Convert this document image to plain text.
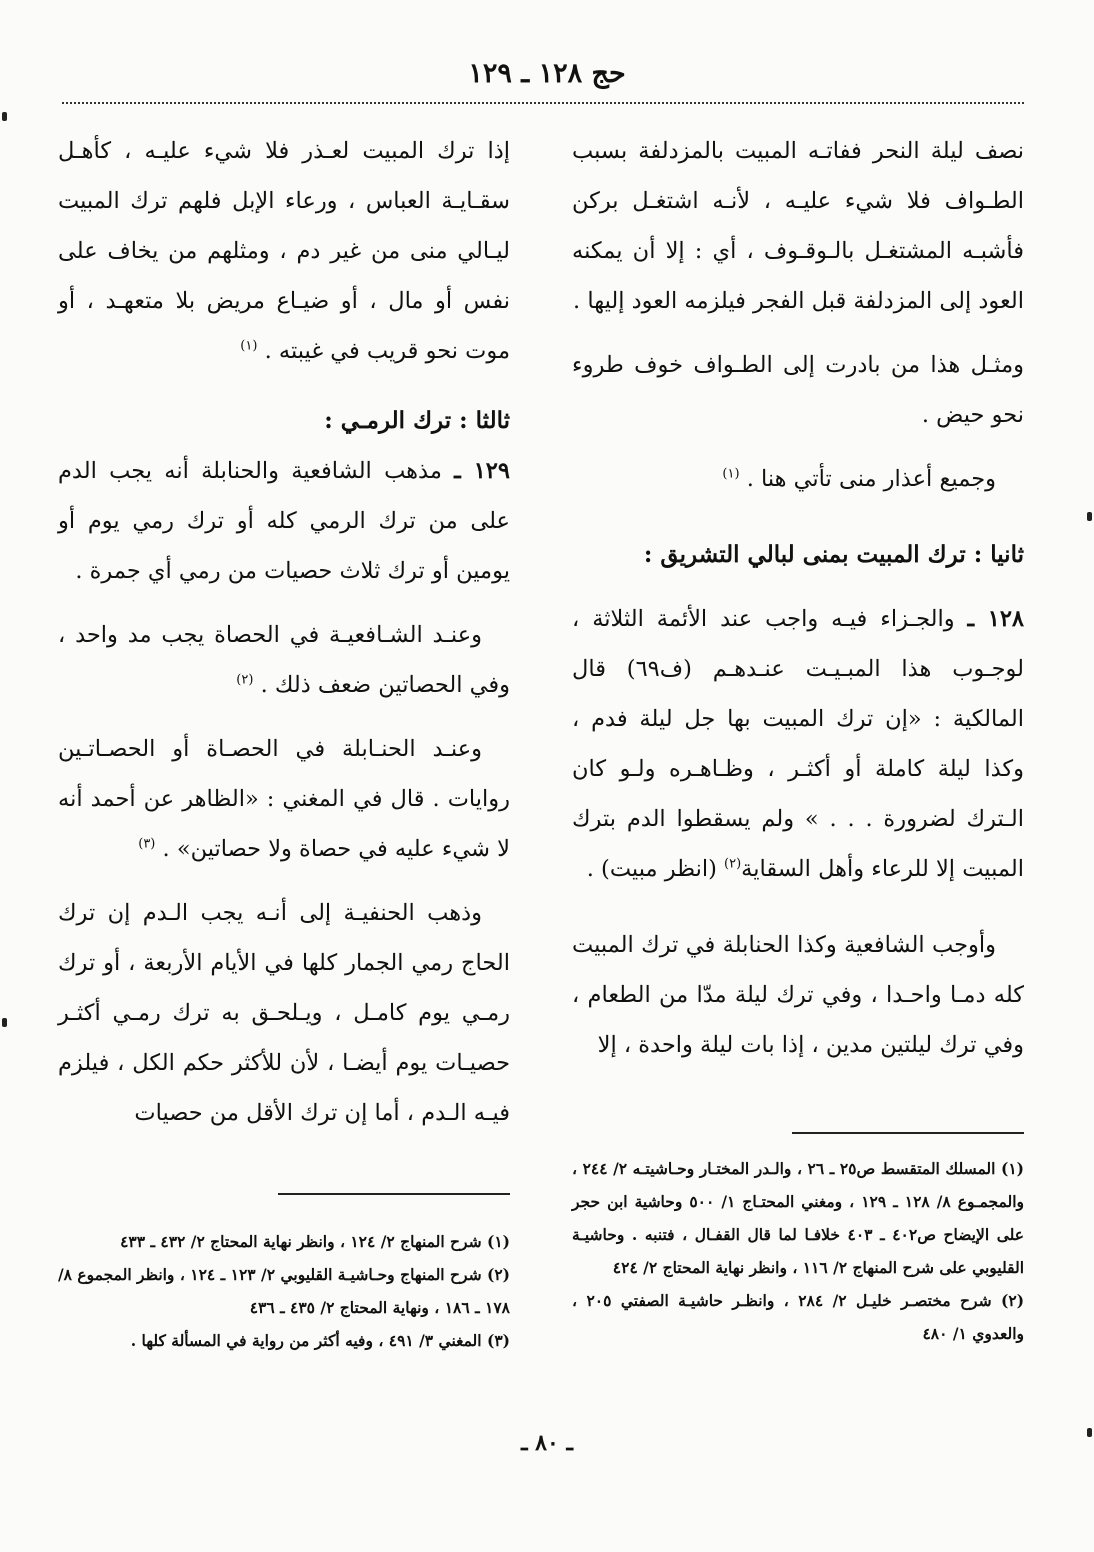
حج ١٢٨ ـ ١٢٩

نصف ليلة النحر ففاتـه المبيت بالمزدلفة بسبب الطـواف فلا شيء عليـه ، لأنـه اشتغـل بركن فأشبـه المشتغـل بالـوقـوف ، أي : إلا أن يمكنه العود إلى المزدلفة قبل الفجر فيلزمه العود إليها .

ومثـل هذا من بادرت إلى الطـواف خوف طروء نحو حيض .

وجميع أعذار منى تأتي هنا . $^{(١)}$

ثانيا : ترك المبيت بمنى لبالي التشريق :

١٢٨ ـ والجـزاء فيـه واجب عند الأئمة الثلاثة ، لوجـوب هذا المبـيـت عنـدهـم (ف٦٩) قال المالكية : «إن ترك المبيت بها جل ليلة فدم ، وكذا ليلة كاملة أو أكثـر ، وظـاهـره ولـو كان الـترك لضرورة . . . » ولم يسقطوا الدم بترك المبيت إلا للرعاء وأهل السقاية$^{(٢)}$ (انظر مبيت) .

وأوجب الشافعية وكذا الحنابلة في ترك المبيت كله دمـا واحـدا ، وفي ترك ليلة مدّا من الطعام ، وفي ترك ليلتين مدين ، إذا بات ليلة واحدة ، إلا

إذا ترك المبيت لعـذر فلا شيء عليـه ، كأهـل سقـايـة العباس ، ورعاء الإبل فلهم ترك المبيت ليـالي منى من غير دم ، ومثلهم من يخاف على نفس أو مال ، أو ضيـاع مريض بلا متعهـد ، أو موت نحو قريب في غيبته . $^{(١)}$

ثالثا : ترك الرمـي :

١٢٩ ـ مذهب الشافعية والحنابلة أنه يجب الدم على من ترك الرمي كله أو ترك رمي يوم أو يومين أو ترك ثلاث حصيات من رمي أي جمرة .

وعنـد الشـافعيـة في الحصاة يجب مد واحد ، وفي الحصاتين ضعف ذلك . $^{(٢)}$

وعنـد الحنـابلة في الحصـاة أو الحصـاتـين روايات . قال في المغني : «الظاهر عن أحمد أنه لا شيء عليه في حصاة ولا حصاتين» . $^{(٣)}$

وذهب الحنفيـة إلى أنـه يجب الـدم إن ترك الحاج رمي الجمار كلها في الأيام الأربعة ، أو ترك رمـي يوم كامـل ، ويـلحـق به ترك رمـي أكثـر حصيـات يوم أيضـا ، لأن للأكثر حكم الكل ، فيلزم فيـه الـدم ، أما إن ترك الأقل من حصيات

(١) المسلك المتقسط ص٢٥ ـ ٢٦ ، والـدر المختـار وحـاشيتـه ٢/ ٢٤٤ ، والمجمـوع ٨/ ١٢٨ ـ ١٢٩ ، ومغني المحتـاج ١/ ٥٠٠ وحاشية ابن حجر على الإيضاح ص٤٠٢ ـ ٤٠٣ خلافـا لما قال القفـال ، فتنبه . وحاشيـة القليوبي على شرح المنهاج ٢/ ١١٦ ، وانظر نهاية المحتاج ٢/ ٤٢٤

(٢) شرح مختصـر خليـل ٢/ ٢٨٤ ، وانظـر حاشيـة الصفتي ٢٠٥ ، والعدوي ١/ ٤٨٠

(١) شرح المنهاج ٢/ ١٢٤ ، وانظر نهاية المحتاج ٢/ ٤٣٢ ـ ٤٣٣

(٢) شرح المنهاج وحـاشيـة القليوبي ٢/ ١٢٣ ـ ١٢٤ ، وانظر المجموع ٨/ ١٧٨ ـ ١٨٦ ، ونهاية المحتاج ٢/ ٤٣٥ ـ ٤٣٦

(٣) المغني ٣/ ٤٩١ ، وفيه أكثر من رواية في المسألة كلها .

ـ ٨٠ ـ
